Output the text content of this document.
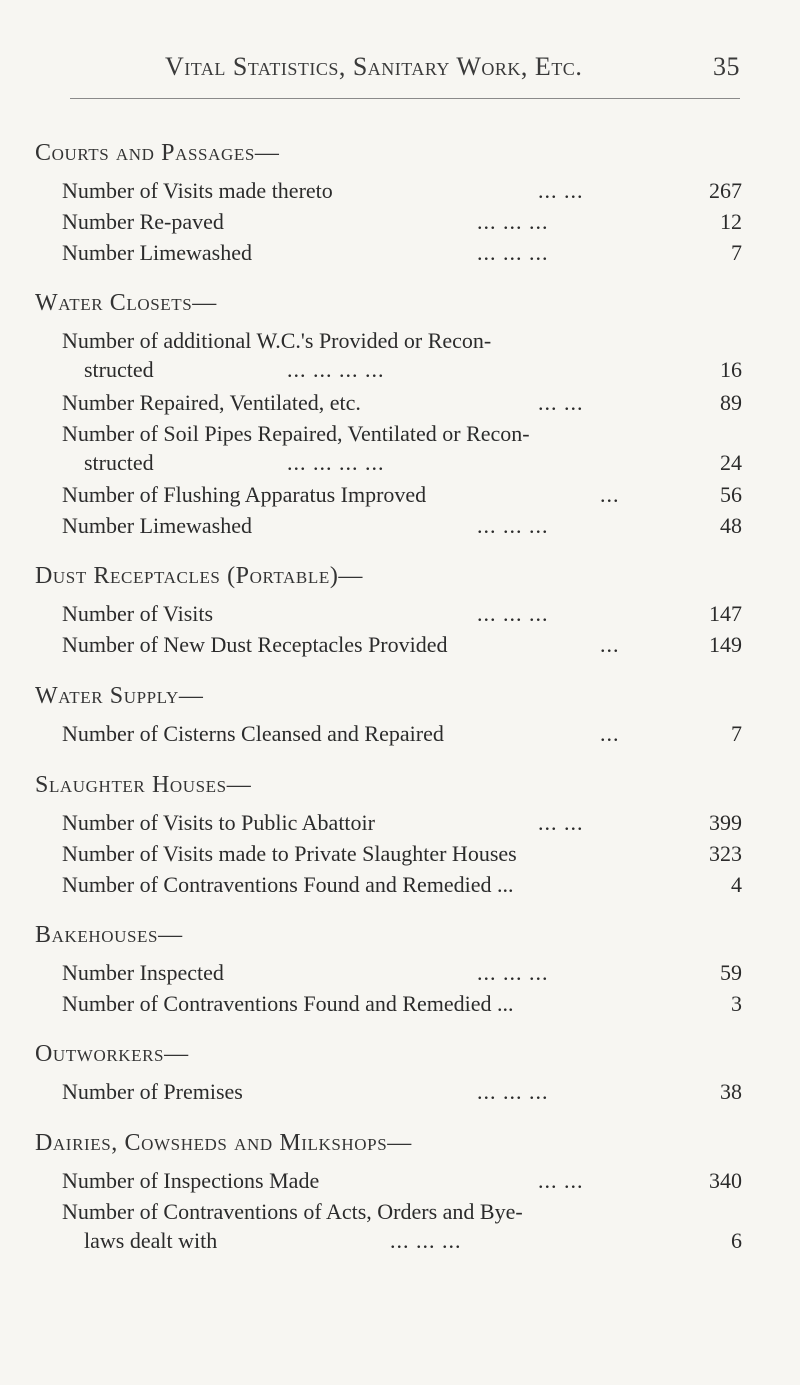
Vital Statistics, Sanitary Work, Etc.	35
Courts and Passages—
Number of Visits made thereto	... ...	267
Number Re-paved	... ... ...	12
Number Limewashed	... ... ...	7
Water Closets—
Number of additional W.C.'s Provided or Recon-
structed	... ... ... ...	16
Number Repaired, Ventilated, etc.	... ...	89
Number of Soil Pipes Repaired, Ventilated or Recon-
structed	... ... ... ...	24
Number of Flushing Apparatus Improved	...	56
Number Limewashed	... ... ...	48
Dust Receptacles (Portable)—
Number of Visits	... ... ...	147
Number of New Dust Receptacles Provided	...	149
Water Supply—
Number of Cisterns Cleansed and Repaired	...	7
Slaughter Houses—
Number of Visits to Public Abattoir	... ...	399
Number of Visits made to Private Slaughter Houses	323
Number of Contraventions Found and Remedied ...	4
Bakehouses—
Number Inspected	... ... ...	59
Number of Contraventions Found and Remedied ...	3
Outworkers—
Number of Premises	... ... ...	38
Dairies, Cowsheds and Milkshops—
Number of Inspections Made	... ...	340
Number of Contraventions of Acts, Orders and Bye-
laws dealt with	... ... ...	6
